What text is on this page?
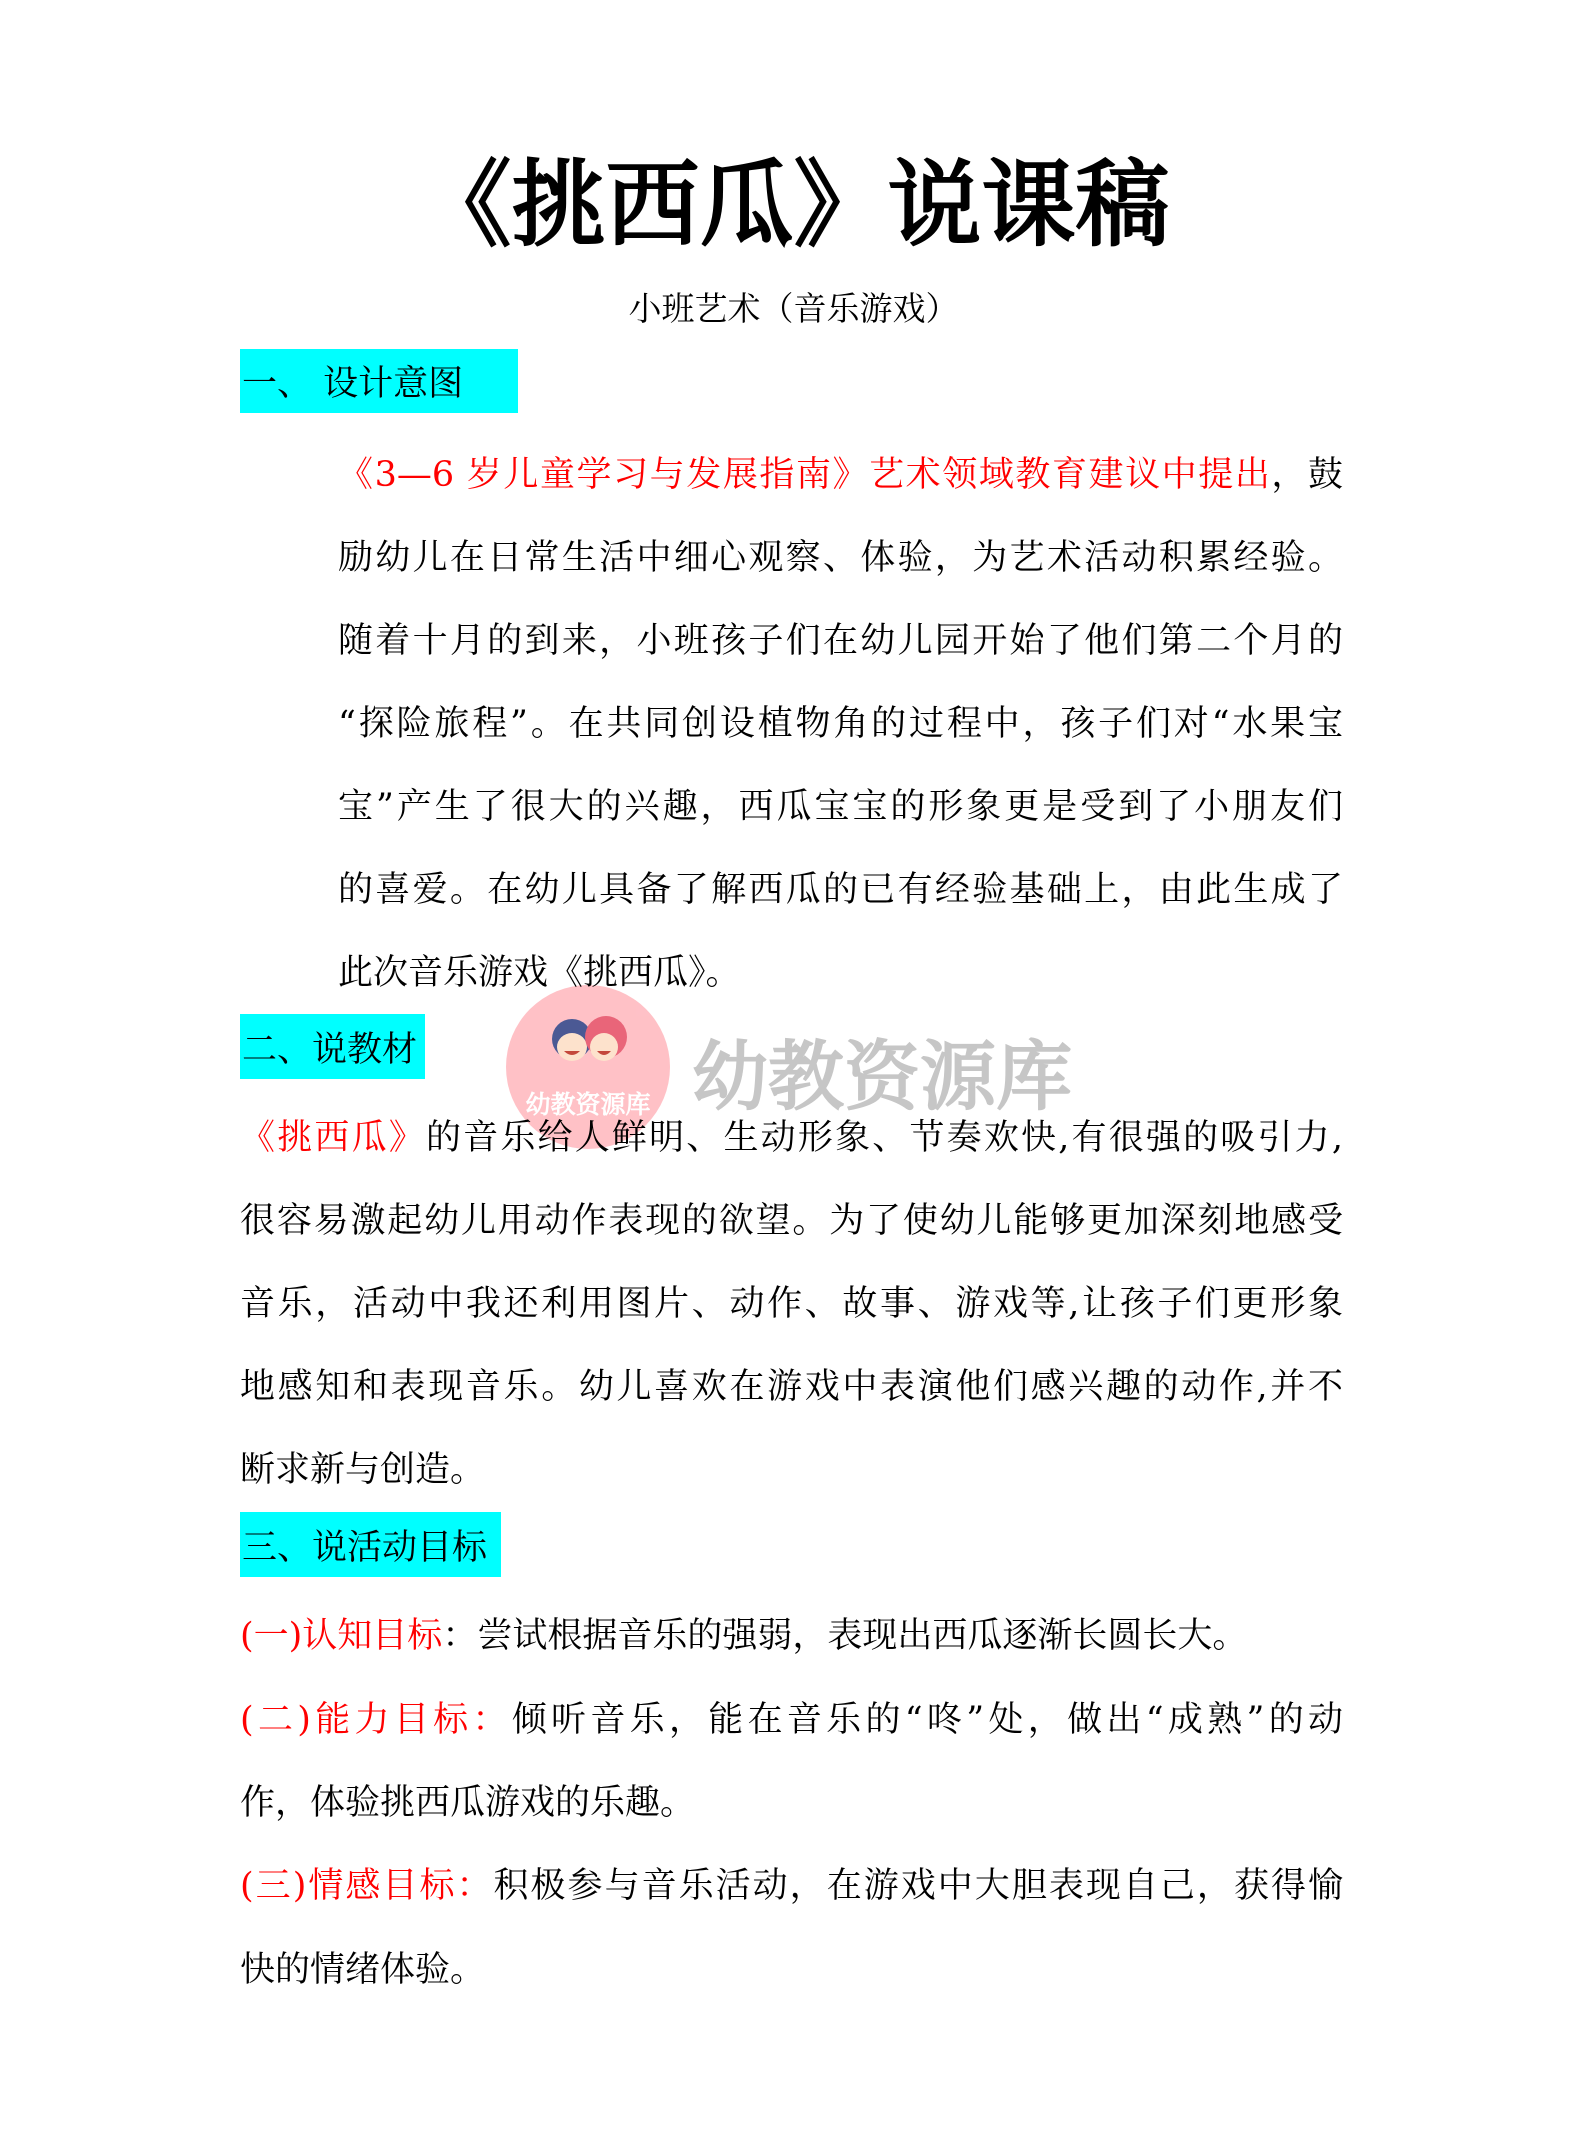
《挑西瓜》说课稿
小班艺术（音乐游戏）
一、 设计意图
《3—6 岁儿童学习与发展指南》艺术领域教育建议中提出，鼓
励幼儿在日常生活中细心观察、体验，为艺术活动积累经验。
随着十月的到来，小班孩子们在幼儿园开始了他们第二个月的
“探险旅程”。在共同创设植物角的过程中，孩子们对“水果宝
宝”产生了很大的兴趣，西瓜宝宝的形象更是受到了小朋友们
的喜爱。在幼儿具备了解西瓜的已有经验基础上，由此生成了
此次音乐游戏《挑西瓜》。
二、说教材
《挑西瓜》的音乐给人鲜明、生动形象、节奏欢快,有很强的吸引力,
很容易激起幼儿用动作表现的欲望。为了使幼儿能够更加深刻地感受
音乐，活动中我还利用图片、动作、故事、游戏等,让孩子们更形象
地感知和表现音乐。幼儿喜欢在游戏中表演他们感兴趣的动作,并不
断求新与创造。
三、说活动目标
(一)认知目标：尝试根据音乐的强弱，表现出西瓜逐渐长圆长大。
(二)能力目标：倾听音乐，能在音乐的“咚”处，做出“成熟”的动
作，体验挑西瓜游戏的乐趣。
(三)情感目标：积极参与音乐活动，在游戏中大胆表现自己，获得愉
快的情绪体验。
幼教资源库 幼教资源库
